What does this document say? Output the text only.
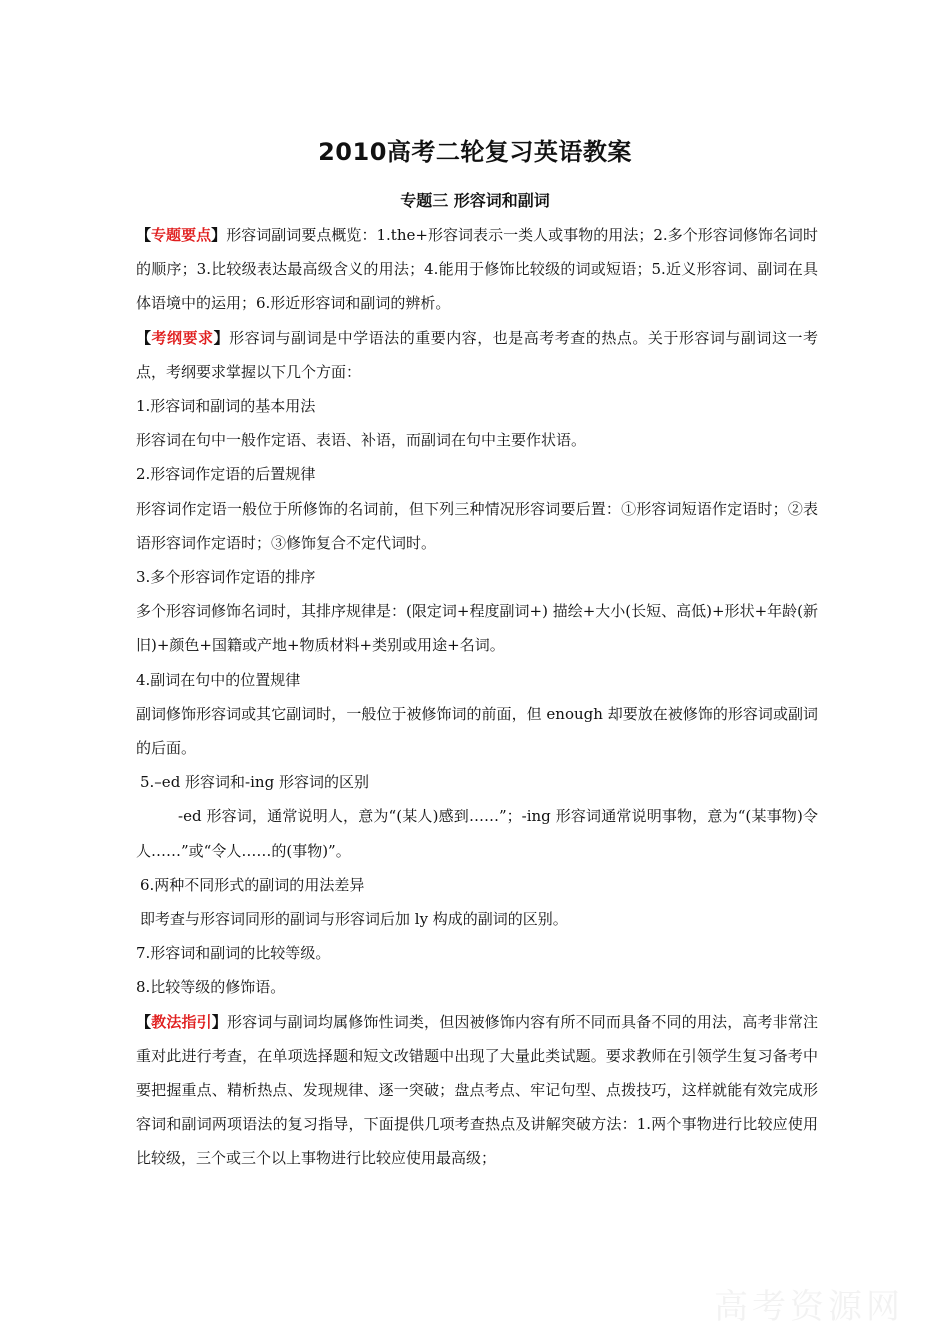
2010高考二轮复习英语教案
专题三 形容词和副词

【专题要点】形容词副词要点概览：1.the+形容词表示一类人或事物的用法；2.多个形容词修饰名词时的顺序；3.比较级表达最高级含义的用法；4.能用于修饰比较级的词或短语；5.近义形容词、副词在具体语境中的运用；6.形近形容词和副词的辨析。

【考纲要求】形容词与副词是中学语法的重要内容，也是高考考查的热点。关于形容词与副词这一考点，考纲要求掌握以下几个方面：

1.形容词和副词的基本用法

形容词在句中一般作定语、表语、补语，而副词在句中主要作状语。

2.形容词作定语的后置规律

形容词作定语一般位于所修饰的名词前，但下列三种情况形容词要后置：①形容词短语作定语时；②表语形容词作定语时；③修饰复合不定代词时。

3.多个形容词作定语的排序

多个形容词修饰名词时，其排序规律是：(限定词+程度副词+) 描绘+大小(长短、高低)+形状+年龄(新旧)+颜色+国籍或产地+物质材料+类别或用途+名词。

4.副词在句中的位置规律

副词修饰形容词或其它副词时，一般位于被修饰词的前面，但 enough 却要放在被修饰的形容词或副词的后面。

5.–ed 形容词和-ing 形容词的区别

-ed 形容词，通常说明人，意为“(某人)感到……”；-ing 形容词通常说明事物，意为“(某事物)令人……”或“令人……的(事物)”。

6.两种不同形式的副词的用法差异

即考查与形容词同形的副词与形容词后加 ly 构成的副词的区别。

7.形容词和副词的比较等级。

8.比较等级的修饰语。

【教法指引】形容词与副词均属修饰性词类，但因被修饰内容有所不同而具备不同的用法，高考非常注重对此进行考查，在单项选择题和短文改错题中出现了大量此类试题。要求教师在引领学生复习备考中要把握重点、精析热点、发现规律、逐一突破；盘点考点、牢记句型、点拨技巧，这样就能有效完成形容词和副词两项语法的复习指导，下面提供几项考查热点及讲解突破方法：1.两个事物进行比较应使用比较级，三个或三个以上事物进行比较应使用最高级；

高考资源网
